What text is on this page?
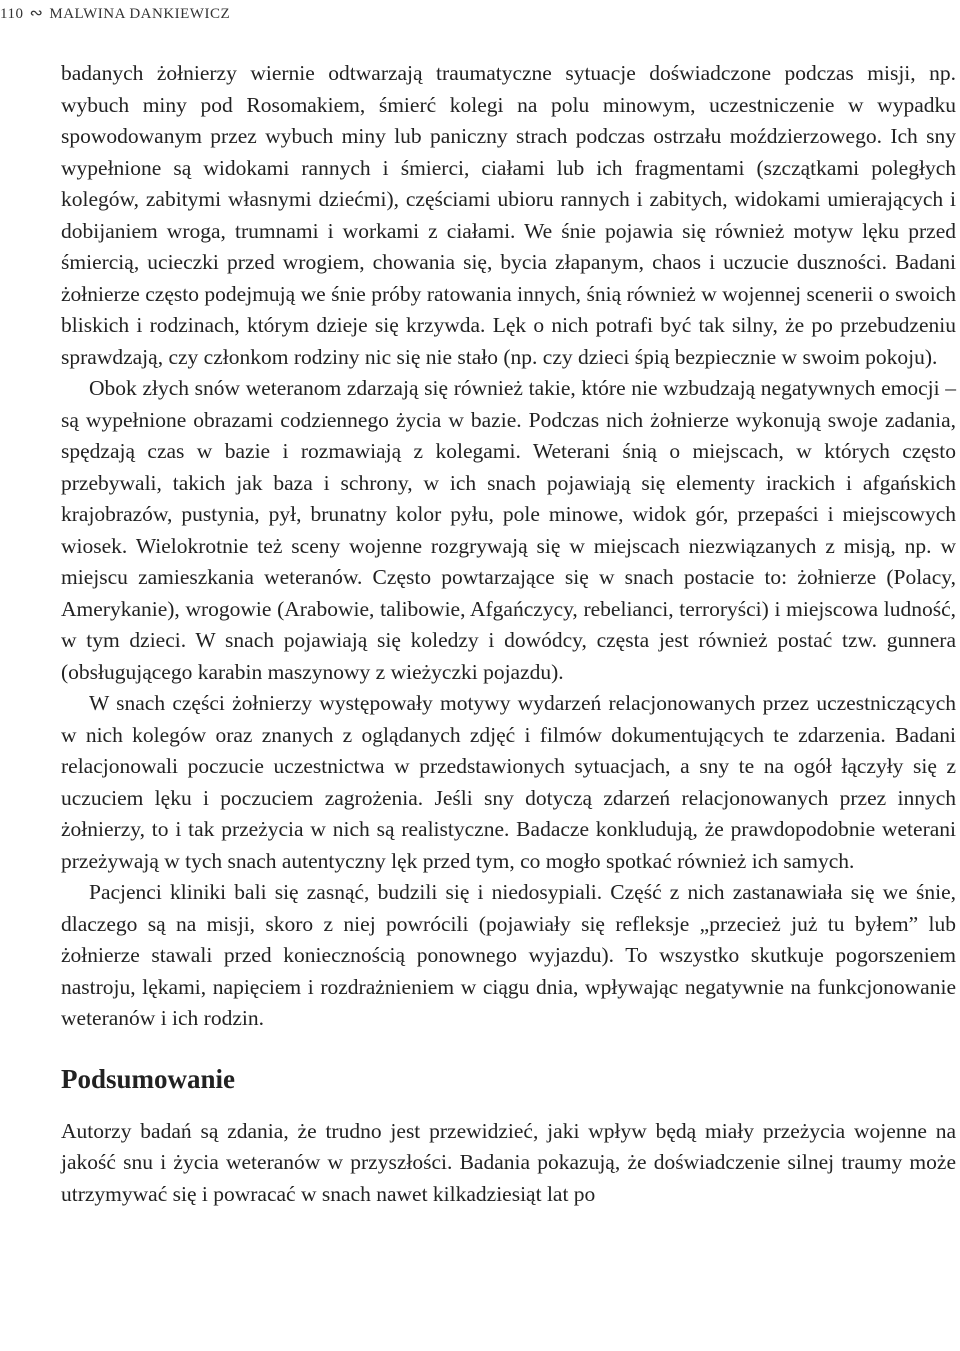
110 ∾ MALWINA DANKIEWICZ

badanych żołnierzy wiernie odtwarzają traumatyczne sytuacje doświadczone podczas misji, np. wybuch miny pod Rosomakiem, śmierć kolegi na polu minowym, uczestniczenie w wypadku spowodowanym przez wybuch miny lub paniczny strach podczas ostrzału moździerzowego. Ich sny wypełnione są widokami rannych i śmierci, ciałami lub ich fragmentami (szczątkami poległych kolegów, zabitymi własnymi dziećmi), częściami ubioru rannych i zabitych, widokami umierających i dobijaniem wroga, trumnami i workami z ciałami. We śnie pojawia się również motyw lęku przed śmiercią, ucieczki przed wrogiem, chowania się, bycia złapanym, chaos i uczucie duszności. Badani żołnierze często podejmują we śnie próby ratowania innych, śnią również w wojennej scenerii o swoich bliskich i rodzinach, którym dzieje się krzywda. Lęk o nich potrafi być tak silny, że po przebudzeniu sprawdzają, czy członkom rodziny nic się nie stało (np. czy dzieci śpią bezpiecznie w swoim pokoju).

Obok złych snów weteranom zdarzają się również takie, które nie wzbudzają negatywnych emocji – są wypełnione obrazami codziennego życia w bazie. Podczas nich żołnierze wykonują swoje zadania, spędzają czas w bazie i rozmawiają z kolegami. Weterani śnią o miejscach, w których często przebywali, takich jak baza i schrony, w ich snach pojawiają się elementy irackich i afgańskich krajobrazów, pustynia, pył, brunatny kolor pyłu, pole minowe, widok gór, przepaści i miejscowych wiosek. Wielokrotnie też sceny wojenne rozgrywają się w miejscach niezwiązanych z misją, np. w miejscu zamieszkania weteranów. Często powtarzające się w snach postacie to: żołnierze (Polacy, Amerykanie), wrogowie (Arabowie, talibowie, Afgańczycy, rebelianci, terroryści) i miejscowa ludność, w tym dzieci. W snach pojawiają się koledzy i dowódcy, częsta jest również postać tzw. gunnera (obsługującego karabin maszynowy z wieżyczki pojazdu).

W snach części żołnierzy występowały motywy wydarzeń relacjonowanych przez uczestniczących w nich kolegów oraz znanych z oglądanych zdjęć i filmów dokumentujących te zdarzenia. Badani relacjonowali poczucie uczestnictwa w przedstawionych sytuacjach, a sny te na ogół łączyły się z uczuciem lęku i poczuciem zagrożenia. Jeśli sny dotyczą zdarzeń relacjonowanych przez innych żołnierzy, to i tak przeżycia w nich są realistyczne. Badacze konkludują, że prawdopodobnie weterani przeżywają w tych snach autentyczny lęk przed tym, co mogło spotkać również ich samych.

Pacjenci kliniki bali się zasnąć, budzili się i niedosypiali. Część z nich zastanawiała się we śnie, dlaczego są na misji, skoro z niej powrócili (pojawiały się refleksje „przecież już tu byłem” lub żołnierze stawali przed koniecznością ponownego wyjazdu). To wszystko skutkuje pogorszeniem nastroju, lękami, napięciem i rozdrażnieniem w ciągu dnia, wpływając negatywnie na funkcjonowanie weteranów i ich rodzin.

Podsumowanie

Autorzy badań są zdania, że trudno jest przewidzieć, jaki wpływ będą miały przeżycia wojenne na jakość snu i życia weteranów w przyszłości. Badania pokazują, że doświadczenie silnej traumy może utrzymywać się i powracać w snach nawet kilkadziesiąt lat po
